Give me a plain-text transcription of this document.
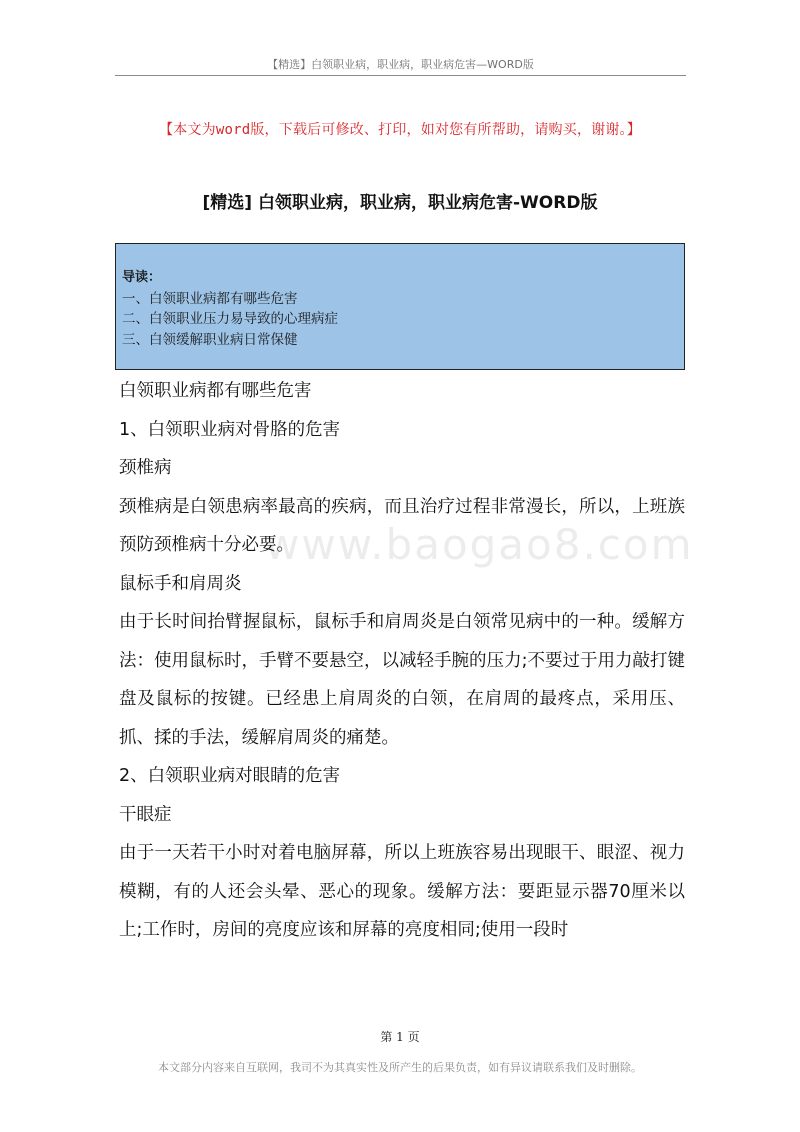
【精选】白领职业病，职业病，职业病危害—WORD版
【本文为word版，下载后可修改、打印，如对您有所帮助，请购买，谢谢。】
[精选] 白领职业病，职业病，职业病危害-WORD版
导读：
一、白领职业病都有哪些危害
二、白领职业压力易导致的心理病症
三、白领缓解职业病日常保健
www.baogao8.com

白领职业病都有哪些危害

1、白领职业病对骨胳的危害

颈椎病

颈椎病是白领患病率最高的疾病，而且治疗过程非常漫长，所以，上班族预防颈椎病十分必要。

鼠标手和肩周炎

由于长时间抬臂握鼠标，鼠标手和肩周炎是白领常见病中的一种。缓解方法：使用鼠标时，手臂不要悬空，以减轻手腕的压力;不要过于用力敲打键盘及鼠标的按键。已经患上肩周炎的白领，在肩周的最疼点，采用压、抓、揉的手法，缓解肩周炎的痛楚。

2、白领职业病对眼睛的危害

干眼症

由于一天若干小时对着电脑屏幕，所以上班族容易出现眼干、眼涩、视力模糊，有的人还会头晕、恶心的现象。缓解方法：要距显示器70厘米以上;工作时，房间的亮度应该和屏幕的亮度相同;使用一段时

第 1 页
本文部分内容来自互联网，我司不为其真实性及所产生的后果负责，如有异议请联系我们及时删除。
